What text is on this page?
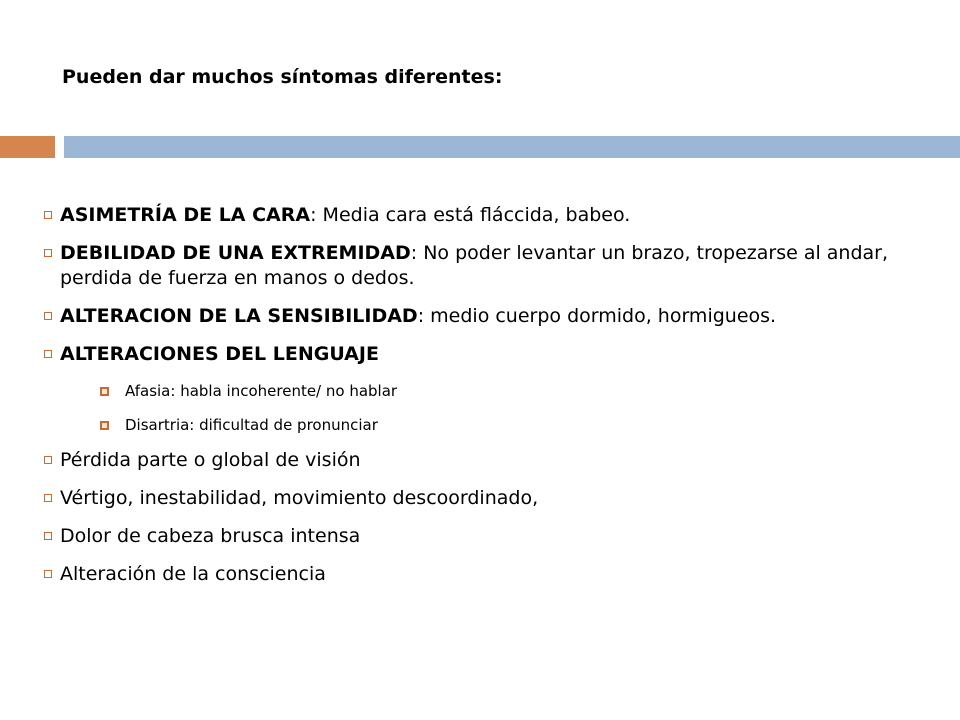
Pueden dar muchos síntomas diferentes:
ASIMETRÍA DE LA CARA: Media cara está fláccida, babeo.
DEBILIDAD DE UNA EXTREMIDAD: No poder levantar un brazo, tropezarse al andar, perdida de fuerza en manos o dedos.
ALTERACION DE LA SENSIBILIDAD: medio cuerpo dormido, hormigueos.
ALTERACIONES DEL LENGUAJE
Afasia: habla incoherente/ no hablar
Disartria: dificultad de pronunciar
Pérdida parte o global de visión
Vértigo, inestabilidad, movimiento descoordinado,
Dolor de cabeza brusca intensa
Alteración de la consciencia
